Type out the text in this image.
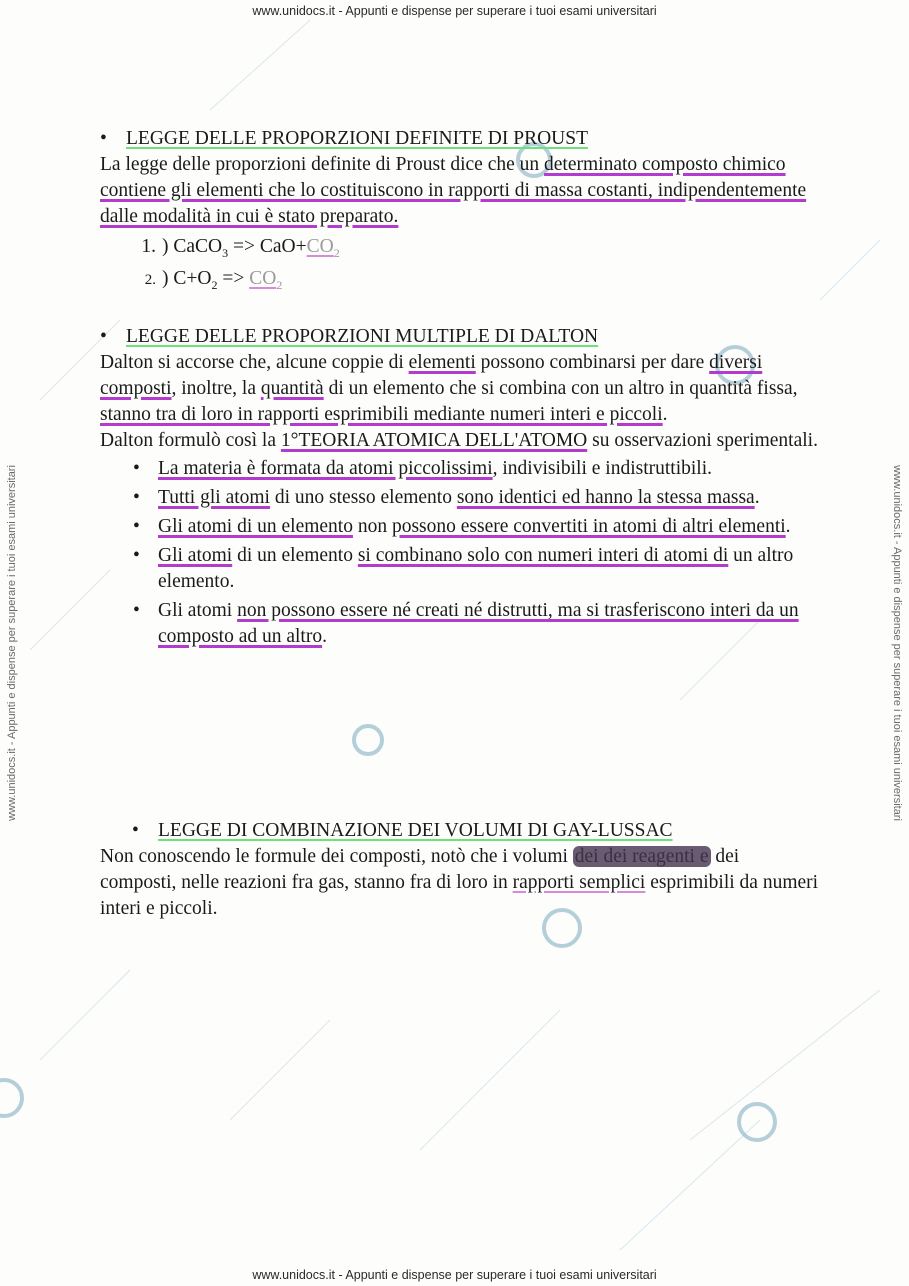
www.unidocs.it - Appunti e dispense per superare i tuoi esami universitari
www.unidocs.it - Appunti e dispense per superare i tuoi esami universitari
www.unidocs.it - Appunti e dispense per superare i tuoi esami universitari	www.unidocs.it - Appunti e dispense per superare i tuoi esami universitari
• LEGGE DELLE PROPORZIONI DEFINITE DI PROUST
La legge delle proporzioni definite di Proust dice che un determinato composto chimico contiene gli elementi che lo costituiscono in rapporti di massa costanti, indipendentemente dalle modalità in cui è stato preparato.
1. ) CaCO$_3$ => $CaO+CO_2$
2. ) $C+O_2 => CO_2$
• LEGGE DELLE PROPORZIONI MULTIPLE DI DALTON
Dalton si accorse che, alcune coppie di elementi possono combinarsi per dare diversi composti, inoltre, la quantità di un elemento che si combina con un altro in quantità fissa, stanno tra di loro in rapporti esprimibili mediante numeri interi e piccoli.
Dalton formulò così la 1°TEORIA ATOMICA DELL'ATOMO su osservazioni sperimentali.
• La materia è formata da atomi piccolissimi, indivisibili e indistruttibili.
• Tutti gli atomi di uno stesso elemento sono identici ed hanno la stessa massa.
• Gli atomi di un elemento non possono essere convertiti in atomi di altri elementi.
• Gli atomi di un elemento si combinano solo con numeri interi di atomi di un altro elemento.
• Gli atomi non possono essere né creati né distrutti, ma si trasferiscono interi da un composto ad un altro.
• LEGGE DI COMBINAZIONE DEI VOLUMI DI GAY-LUSSAC
Non conoscendo le formule dei composti, notò che i volumi dei dei reagenti e dei composti, nelle reazioni fra gas, stanno fra di loro in rapporti semplici esprimibili da numeri interi e piccoli.
